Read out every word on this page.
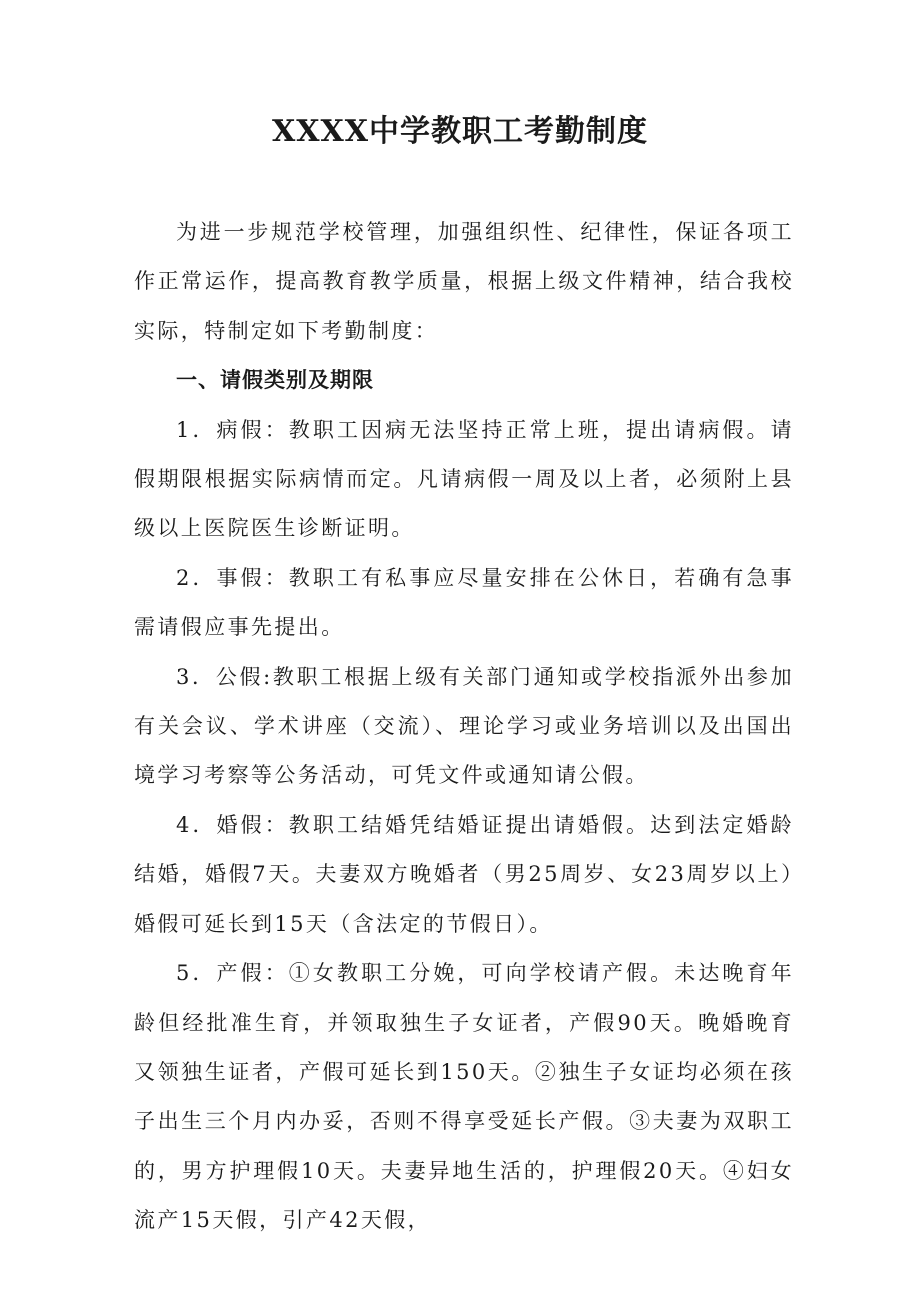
XXXX中学教职工考勤制度

为进一步规范学校管理，加强组织性、纪律性，保证各项工作正常运作，提高教育教学质量，根据上级文件精神，结合我校实际，特制定如下考勤制度：

一、请假类别及期限

1．病假：教职工因病无法坚持正常上班，提出请病假。请假期限根据实际病情而定。凡请病假一周及以上者，必须附上县级以上医院医生诊断证明。

2．事假：教职工有私事应尽量安排在公休日，若确有急事需请假应事先提出。

3．公假:教职工根据上级有关部门通知或学校指派外出参加有关会议、学术讲座（交流）、理论学习或业务培训以及出国出境学习考察等公务活动，可凭文件或通知请公假。

4．婚假：教职工结婚凭结婚证提出请婚假。达到法定婚龄结婚，婚假7天。夫妻双方晚婚者（男25周岁、女23周岁以上）婚假可延长到15天（含法定的节假日）。

5．产假：①女教职工分娩，可向学校请产假。未达晚育年龄但经批准生育，并领取独生子女证者，产假90天。晚婚晚育又领独生证者，产假可延长到150天。②独生子女证均必须在孩子出生三个月内办妥，否则不得享受延长产假。③夫妻为双职工的，男方护理假10天。夫妻异地生活的，护理假20天。④妇女流产15天假，引产42天假，
